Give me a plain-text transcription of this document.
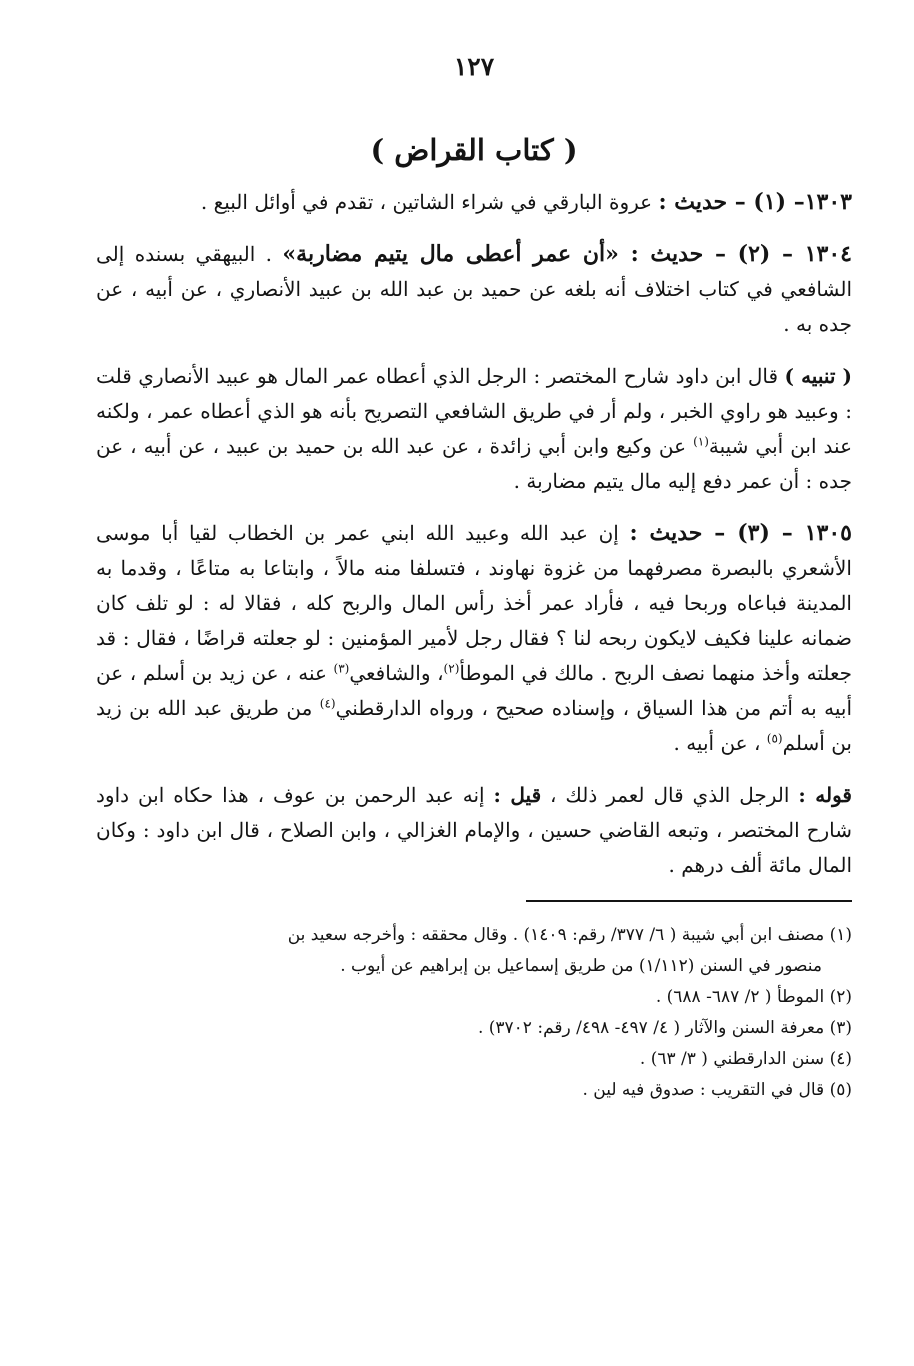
١٢٧
( كتاب القراض )

١٣٠٣– (١) – حديث : عروة البارقي في شراء الشاتين ، تقدم في أوائل البيع .

١٣٠٤ – (٢) – حديث : «أن عمر أعطى مال يتيم مضاربة» . البيهقي بسنده إلى الشافعي في كتاب اختلاف أنه بلغه عن حميد بن عبد الله بن عبيد الأنصاري ، عن أبيه ، عن جده به .

( تنبيه ) قال ابن داود شارح المختصر : الرجل الذي أعطاه عمر المال هو عبيد الأنصاري قلت : وعبيد هو راوي الخبر ، ولم أر في طريق الشافعي التصريح بأنه هو الذي أعطاه عمر ، ولكنه عند ابن أبي شيبة$^{(١)}$ عن وكيع وابن أبي زائدة ، عن عبد الله بن حميد بن عبيد ، عن أبيه ، عن جده : أن عمر دفع إليه مال يتيم مضاربة .

١٣٠٥ – (٣) – حديث : إن عبد الله وعبيد الله ابني عمر بن الخطاب لقيا أبا موسى الأشعري بالبصرة مصرفهما من غزوة نهاوند ، فتسلفا منه مالاً ، وابتاعا به متاعًا ، وقدما به المدينة فباعاه وربحا فيه ، فأراد عمر أخذ رأس المال والربح كله ، فقالا له : لو تلف كان ضمانه علينا فكيف لايكون ربحه لنا ؟ فقال رجل لأمير المؤمنين : لو جعلته قراضًا ، فقال : قد جعلته وأخذ منهما نصف الربح . مالك في الموطأ$^{(٢)}$، والشافعي$^{(٣)}$ عنه ، عن زيد بن أسلم ، عن أبيه به أتم من هذا السياق ، وإسناده صحيح ، ورواه الدارقطني$^{(٤)}$ من طريق عبد الله بن زيد بن أسلم$^{(٥)}$ ، عن أبيه .

قوله : الرجل الذي قال لعمر ذلك ، قيل : إنه عبد الرحمن بن عوف ، هذا حكاه ابن داود شارح المختصر ، وتبعه القاضي حسين ، والإمام الغزالي ، وابن الصلاح ، قال ابن داود : وكان المال مائة ألف درهم .

(١) مصنف ابن أبي شيبة ( ٦/ ٣٧٧/ رقم: ١٤٠٩) . وقال محققه : وأخرجه سعيد بن

منصور في السنن (١/١١٢) من طريق إسماعيل بن إبراهيم عن أيوب .

(٢) الموطأ ( ٢/ ٦٨٧- ٦٨٨) .

(٣) معرفة السنن والآثار ( ٤/ ٤٩٧- ٤٩٨/ رقم: ٣٧٠٢) .

(٤) سنن الدارقطني ( ٣/ ٦٣) .

(٥) قال في التقريب : صدوق فيه لين .
